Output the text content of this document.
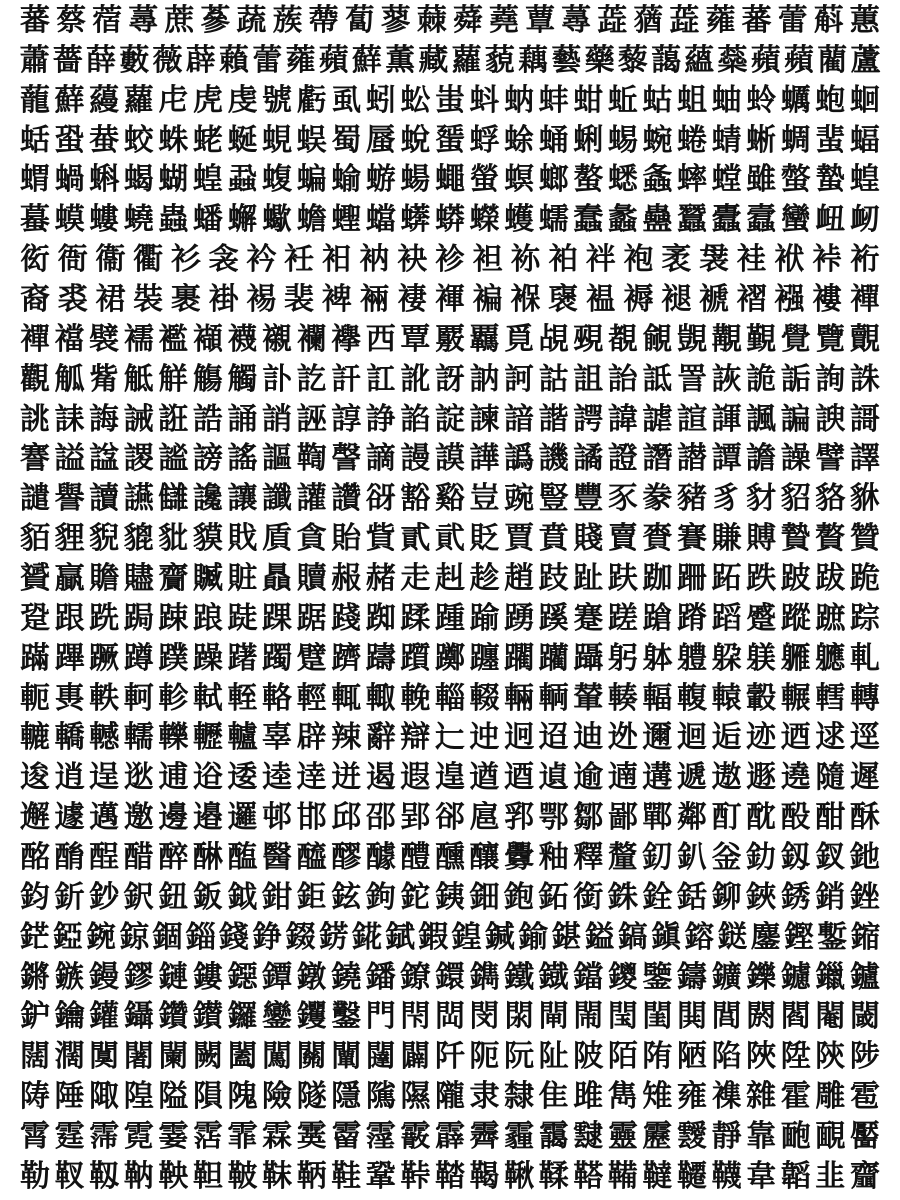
蕃 蔡 蓿 蕁 蔗 蔘 蔬 蔟 蔕 蔔 蓼 蕀 蕣 蕘 蕈 蕁 蕋 蕕 蕋 蕹 蕃 蕾 蔛 蕙
蕭 薔 薛 藪 薇 薜 藾 蕾 蕹 蘋 蘚 薫 藏 蘿 藐 藕 藝 藥 藜 藹 蘊 蘂 蘋 蘋 藺 蘆
蘢 蘚 蘰 蘿 虍 虎 虔 號 虧 虱 蚓 蚣 蚩 蚪 蚋 蚌 蚶 蚯 蛄 蛆 蚰 蛉 蠣 蚫 蛔
蛞 蛩 蛬 蛟 蛛 蛯 蜒 蜆 蜈 蜀 蜃 蛻 蜑 蜉 蜍 蛹 蜊 蜴 蜿 蜷 蜻 蜥 蜩 蜚 蝠
蝟 蝸 蝌 蝎 蝴 蝗 蝨 蝮 蝙 蝓 蝣 蝪 蠅 螢 螟 螂 螯 蟋 螽 蟀 螳 雖 螫 蟄 蝗
蟇 蟆 螻 蟯 蟲 蟠 蠏 蠍 蟾 蟶 蟷 蠎 蟒 蠑 蠖 蠕 蠢 蠡 蠱 蠶 蠹 蠧 蠻 衄 衂
衒 衙 衞 衢 衫 衾 衿 衽 衵 衲 袂 袗 袒 袮 袙 袢 袍 袤 袰 袿 袱 裃 裄
裔 裘 裙 裝 裹 褂 裼 裴 裨 裲 褄 褌 褊 褓 襃 褞 褥 褪 褫 褶 襁 褸 襌
襌 襠 襞 襦 襤 襭 襪 襯 襴 襷 西 覃 覈 覊 覓 覘 覡 覩 覦 覬 覯 覲 覺 覽 覿
觀 觚 觜 觝 觧 觴 觸 訃 訖 訐 訌 訛 訝 訥 訶 詁 詛 詒 詆 詈 詼 詭 詬 詢 誅
誂 誄 誨 誡 誑 誥 誦 誚 誣 諄 諍 諂 諚 諫 諳 諧 諤 諱 謔 諠 諢 諷 諞 諛 謌
謇 謚 諡 謖 謐 謗 謠 謳 鞫 謦 謫 謾 謨 譁 譌 譏 譎 證 譖 譛 譚 譫 譟 譬 譯
譴 譽 讀 讌 讎 讒 讓 讖 讙 讚 谺 豁 谿 豈 豌 豎 豐 豕 豢 豬 豸 豺 貂 貉 貅
貊 貍 貎 貔 豼 貘 戝 貭 貪 貽 貲 貳 貮 貶 賈 賁 賤 賣 賚 賽 賺 賻 贄 贅 贊
贇 贏 贍 贐 齎 贓 賍 贔 贖 赧 赭 走 赳 趁 趙 跂 趾 趺 跏 跚 跖 跌 跛 跋 跪
跫 跟 跣 跼 踈 踉 跿 踝 踞 踐 踟 蹂 踵 踰 踴 蹊 蹇 蹉 蹌 蹐 蹈 蹙 蹤 蹠 踪
蹣 蹕 蹶 蹲 蹼 躁 躇 躅 躄 躋 躊 躓 躑 躔 躙 躪 躡 躬 躰 軆 躱 躾 軅 軈 軋
軛 軣 軼 軻 軫 軾 輊 輅 輕 輒 輙 輓 輜 輟 輛 輌 輦 輳 輻 輹 轅 轂 輾 轌 轉
轆 轎 轗 轜 轢 轣 轤 辜 辟 辣 辭 辯 辷 迚 迥 迢 迪 迯 邇 迴 逅 迹 迺 逑 逕
逡 逍 逞 逖 逋 逧 逶 逵 逹 迸 遏 遐 遑 遒 逎 遉 逾 遖 遘 遞 遨 遯 遶 隨 遲
邂 遽 邁 邀 邊 邉 邏 邨 邯 邱 邵 郢 郤 扈 郛 鄂 鄒 鄙 鄲 鄰 酊 酖 酘 酣 酥
酩 酳 酲 醋 醉 醂 醢 醫 醯 醪 醵 醴 醺 釀 釁 釉 釋 釐 釖 釟 釡 釛 釼 釵 釶
鈞 釿 鈔 鈬 鈕 鈑 鉞 鉗 鉅 鉉 鉤 鉈 銕 鈿 鉋 鉐 銜 銖 銓 銛 鉚 鋏 銹 銷 銼
鋩 錏 鋺 鍄 錮 錙 錢 錚 錣 錺 錵 錻 鍜 鍠 鍼 鍮 鍖 鎰 鎬 鎭 鎔 鎹 鏖 鏗 鏨 鏥
鏘 鏃 鏝 鏐 鏈 鏤 鐚 鐔 鐓 鐃 鐇 鐐 鐶 鐫 鐵 鐡 鐺 鑁 鑒 鑄 鑛 鑠 鑢 鑞 鑪
鈩 鑰 鑵 鑷 鑽 鑚 鑼 鑾 钁 鑿 門 閇 閊 閔 閖 閘 閙 閠 閨 閧 閭 閼 閻 閹 閾
闊 濶 闃 闍 闌 闕 闔 闖 關 闡 闥 闢 阡 阨 阮 阯 陂 陌 陏 陋 陷 陜 陞 陝 陟
陦 陲 陬 隍 隘 隕 隗 險 隧 隱 隲 隰 隴 隶 隸 隹 雎 雋 雉 雍 襍 雜 霍 雕 雹
霄 霆 霈 霓 霎 霑 霏 霖 霙 霤 霪 霰 霹 霽 霾 靄 靆 靈 靂 靉 靜 靠 靤 靦 靨
勒 靫 靱 靹 鞅 靼 鞁 靺 鞆 鞋 鞏 鞐 鞜 鞨 鞦 鞣 鞳 鞴 韃 韆 韈 韋 韜 韭 齏
